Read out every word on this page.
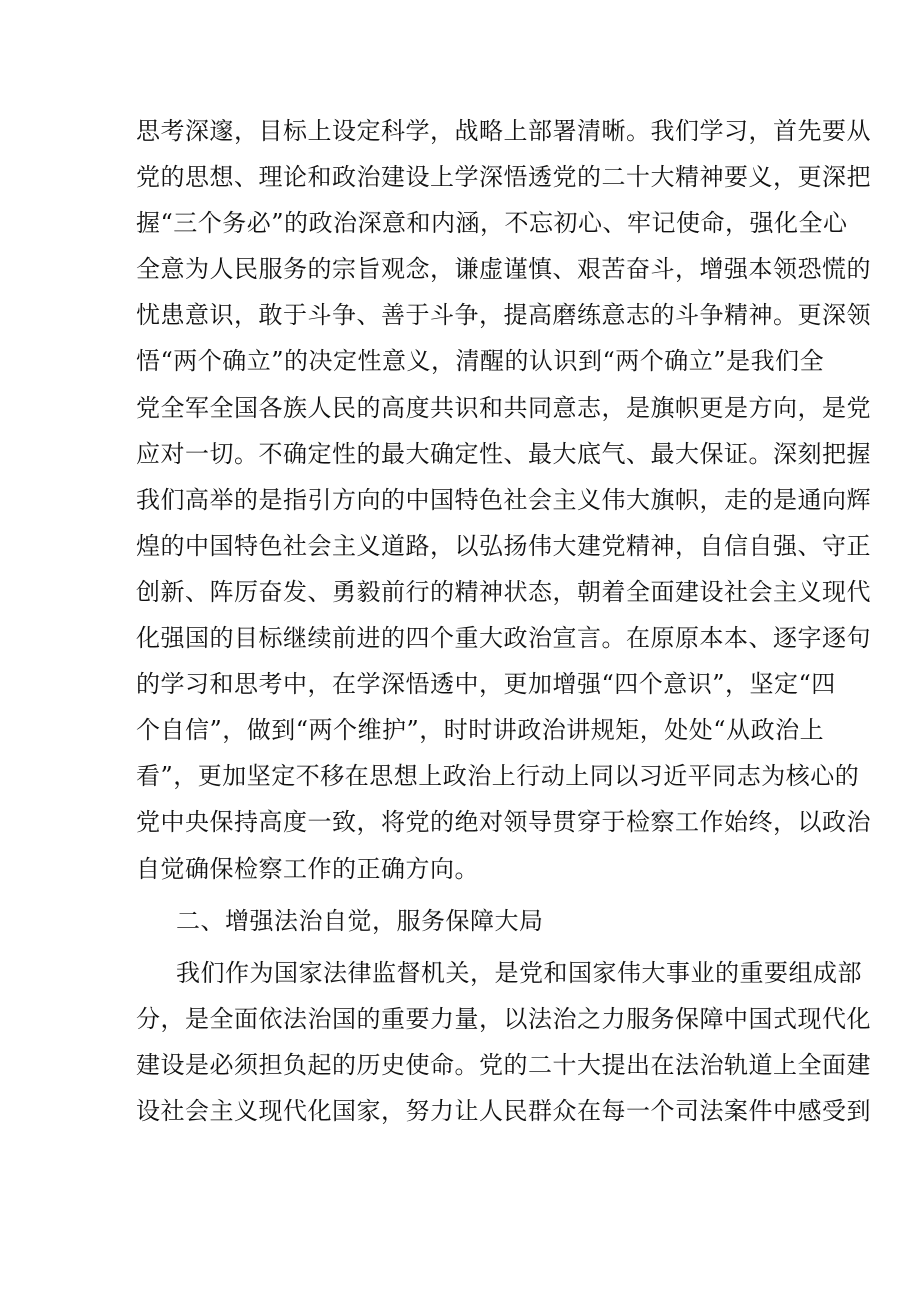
思考深邃，目标上设定科学，战略上部署清晰。我们学习，首先要从
党的思想、理论和政治建设上学深悟透党的二十大精神要义，更深把
握“三个务必”的政治深意和内涵，不忘初心、牢记使命，强化全心
全意为人民服务的宗旨观念，谦虚谨慎、艰苦奋斗，增强本领恐慌的
忧患意识，敢于斗争、善于斗争，提高磨练意志的斗争精神。更深领
悟“两个确立”的决定性意义，清醒的认识到“两个确立”是我们全
党全军全国各族人民的高度共识和共同意志，是旗帜更是方向，是党
应对一切。不确定性的最大确定性、最大底气、最大保证。深刻把握
我们高举的是指引方向的中国特色社会主义伟大旗帜，走的是通向辉
煌的中国特色社会主义道路，以弘扬伟大建党精神，自信自强、守正
创新、阵厉奋发、勇毅前行的精神状态，朝着全面建设社会主义现代
化强国的目标继续前进的四个重大政治宣言。在原原本本、逐字逐句
的学习和思考中，在学深悟透中，更加增强“四个意识”，坚定“四
个自信”，做到“两个维护”，时时讲政治讲规矩，处处“从政治上
看”，更加坚定不移在思想上政治上行动上同以习近平同志为核心的
党中央保持高度一致，将党的绝对领导贯穿于检察工作始终，以政治
自觉确保检察工作的正确方向。
二、增强法治自觉，服务保障大局
我们作为国家法律监督机关，是党和国家伟大事业的重要组成部
分，是全面依法治国的重要力量，以法治之力服务保障中国式现代化
建设是必须担负起的历史使命。党的二十大提出在法治轨道上全面建
设社会主义现代化国家，努力让人民群众在每一个司法案件中感受到
